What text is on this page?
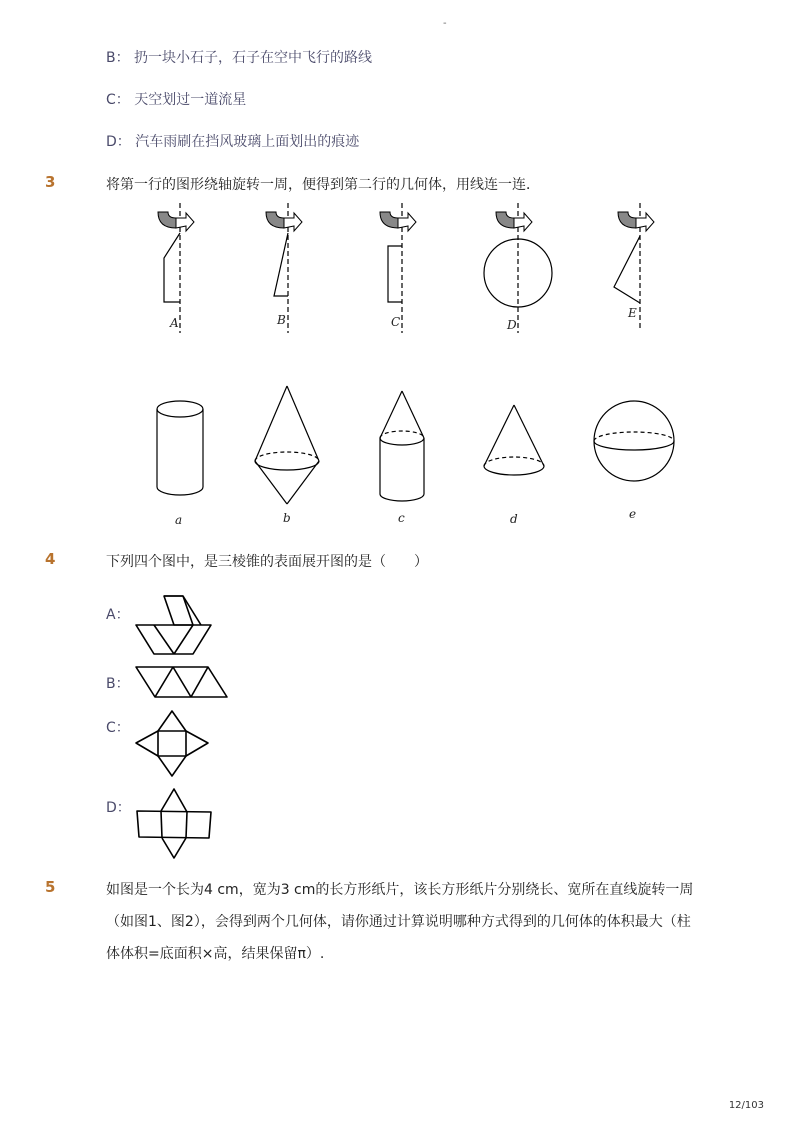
-
B： 扔一块小石子，石子在空中飞行的路线
C： 天空划过一道流星
D： 汽车雨刷在挡风玻璃上面划出的痕迹
3	将第一行的图形绕轴旋转一周，便得到第二行的几何体，用线连一连．
A	B	C	D
E
a	b	c	d	e
4	下列四个图中，是三棱锥的表面展开图的是（　　）
A：
B：
C：
D：
5	如图是一个长为4 cm，宽为3 cm的长方形纸片，该长方形纸片分别绕长、宽所在直线旋转一周
（如图1、图2），会得到两个几何体，请你通过计算说明哪种方式得到的几何体的体积最大（柱
体体积=底面积×高，结果保留π）.
12/103
